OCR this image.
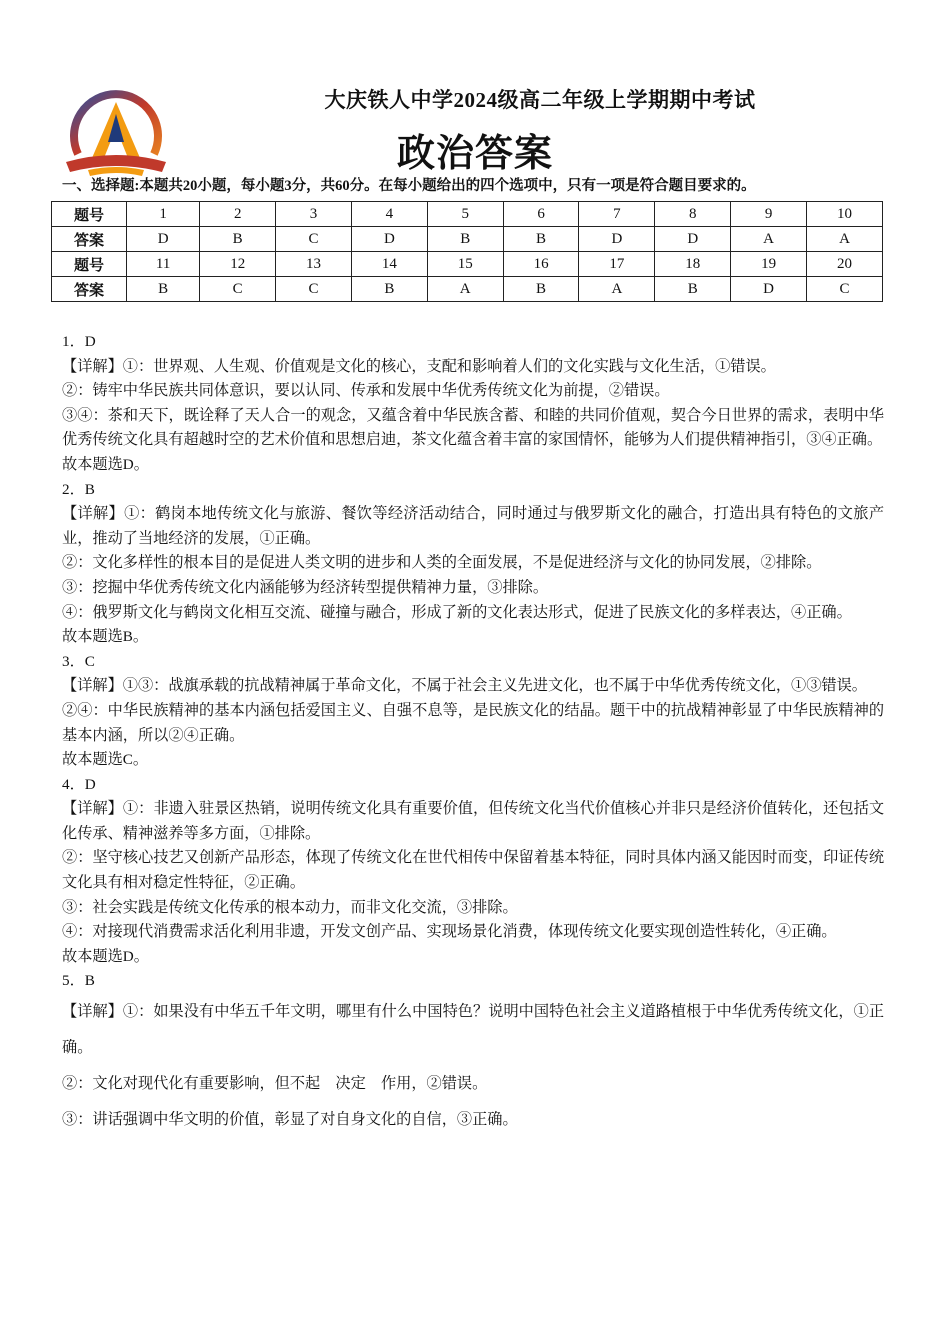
大庆铁人中学2024级高二年级上学期期中考试
政治答案
一、选择题:本题共20小题，每小题3分，共60分。在每小题给出的四个选项中，只有一项是符合题目要求的。
题号	1	2	3	4	5	6	7	8	9	10
答案	D	B	C	D	B	B	D	D	A	A
题号	11	12	13	14	15	16	17	18	19	20
答案	B	C	C	B	A	B	A	B	D	C

1．D

【详解】①：世界观、人生观、价值观是文化的核心，支配和影响着人们的文化实践与文化生活，①错误。

②：铸牢中华民族共同体意识，要以认同、传承和发展中华优秀传统文化为前提，②错误。

③④：茶和天下，既诠释了天人合一的观念，又蕴含着中华民族含蓄、和睦的共同价值观，契合今日世界的需求，表明中华优秀传统文化具有超越时空的艺术价值和思想启迪，茶文化蕴含着丰富的家国情怀，能够为人们提供精神指引，③④正确。

故本题选D。

2．B

【详解】①：鹤岗本地传统文化与旅游、餐饮等经济活动结合，同时通过与俄罗斯文化的融合，打造出具有特色的文旅产业，推动了当地经济的发展，①正确。

②：文化多样性的根本目的是促进人类文明的进步和人类的全面发展，不是促进经济与文化的协同发展，②排除。

③：挖掘中华优秀传统文化内涵能够为经济转型提供精神力量，③排除。

④：俄罗斯文化与鹤岗文化相互交流、碰撞与融合，形成了新的文化表达形式，促进了民族文化的多样表达，④正确。

故本题选B。

3．C

【详解】①③：战旗承载的抗战精神属于革命文化，不属于社会主义先进文化，也不属于中华优秀传统文化，①③错误。

②④：中华民族精神的基本内涵包括爱国主义、自强不息等，是民族文化的结晶。题干中的抗战精神彰显了中华民族精神的基本内涵，所以②④正确。

故本题选C。

4．D

【详解】①：非遗入驻景区热销，说明传统文化具有重要价值，但传统文化当代价值核心并非只是经济价值转化，还包括文化传承、精神滋养等多方面，①排除。

②：坚守核心技艺又创新产品形态，体现了传统文化在世代相传中保留着基本特征，同时具体内涵又能因时而变，印证传统文化具有相对稳定性特征，②正确。

③：社会实践是传统文化传承的根本动力，而非文化交流，③排除。

④：对接现代消费需求活化利用非遗，开发文创产品、实现场景化消费，体现传统文化要实现创造性转化，④正确。

故本题选D。

5．B

【详解】①：如果没有中华五千年文明，哪里有什么中国特色？说明中国特色社会主义道路植根于中华优秀传统文化，①正确。

②：文化对现代化有重要影响，但不起　决定　作用，②错误。

③：讲话强调中华文明的价值，彰显了对自身文化的自信，③正确。
